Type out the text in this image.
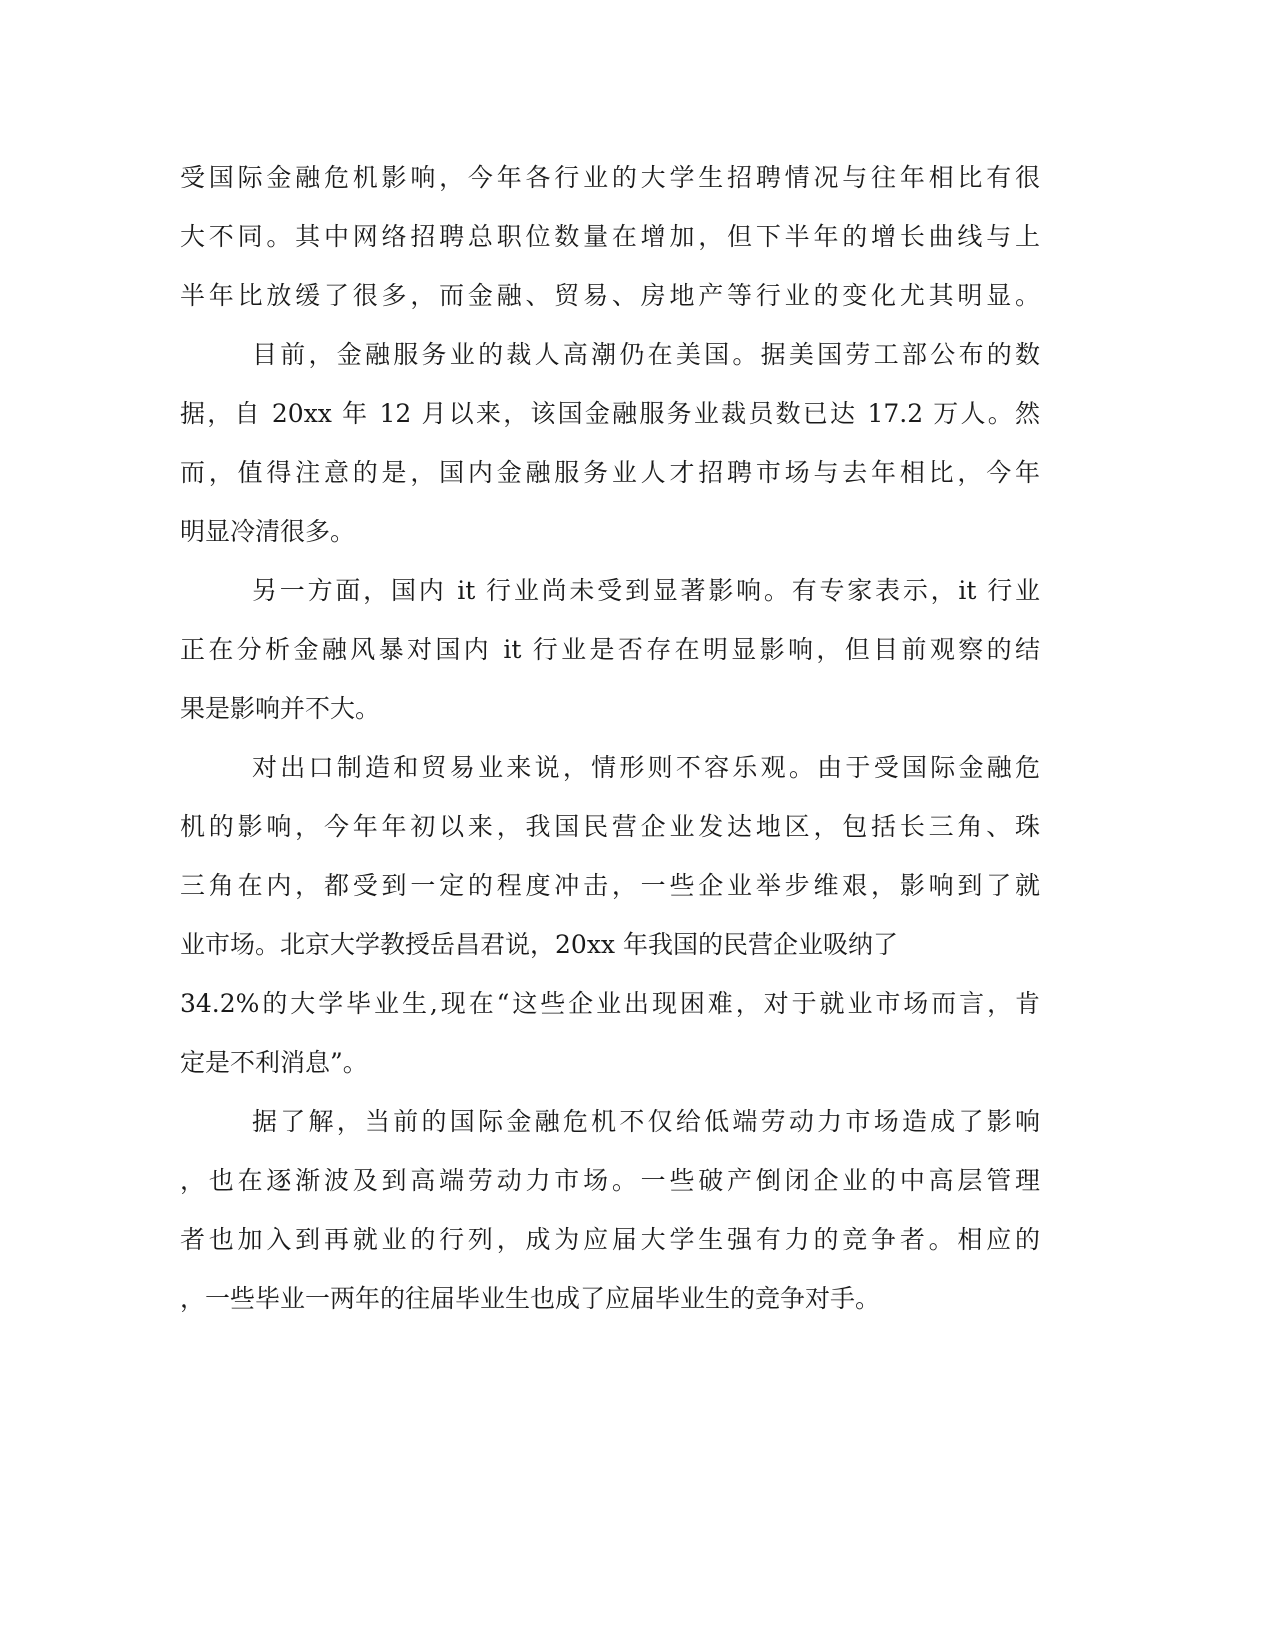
受国际金融危机影响，今年各行业的大学生招聘情况与往年相比有很
大不同。其中网络招聘总职位数量在增加，但下半年的增长曲线与上
半年比放缓了很多，而金融、贸易、房地产等行业的变化尤其明显。
目前，金融服务业的裁人高潮仍在美国。据美国劳工部公布的数
据，自 20xx 年 12 月以来，该国金融服务业裁员数已达 17.2 万人。然
而，值得注意的是，国内金融服务业人才招聘市场与去年相比，今年
明显冷清很多。
另一方面，国内 it 行业尚未受到显著影响。有专家表示，it 行业
正在分析金融风暴对国内 it 行业是否存在明显影响，但目前观察的结
果是影响并不大。
对出口制造和贸易业来说，情形则不容乐观。由于受国际金融危
机的影响，今年年初以来，我国民营企业发达地区，包括长三角、珠
三角在内，都受到一定的程度冲击，一些企业举步维艰，影响到了就
业市场。北京大学教授岳昌君说，20xx 年我国的民营企业吸纳了
34.2%的大学毕业生,现在“这些企业出现困难，对于就业市场而言，肯
定是不利消息”。
据了解，当前的国际金融危机不仅给低端劳动力市场造成了影响
，也在逐渐波及到高端劳动力市场。一些破产倒闭企业的中高层管理
者也加入到再就业的行列，成为应届大学生强有力的竞争者。相应的
，一些毕业一两年的往届毕业生也成了应届毕业生的竞争对手。
